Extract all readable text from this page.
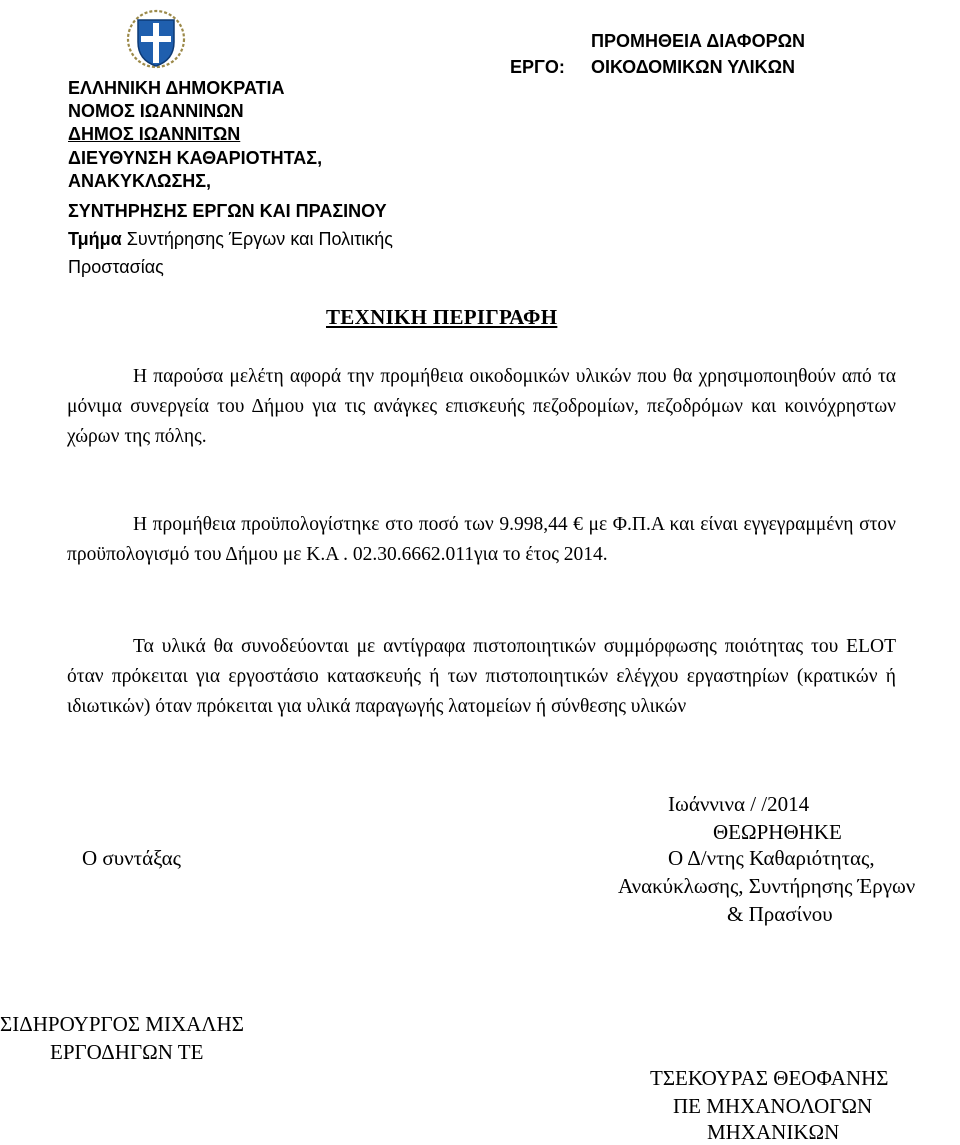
ΕΛΛΗΝΙΚΗ ΔΗΜΟΚΡΑΤΙΑ
ΝΟΜΟΣ ΙΩΑΝΝΙΝΩΝ
ΔΗΜΟΣ ΙΩΑΝΝΙΤΩΝ
ΔΙΕΥΘΥΝΣΗ ΚΑΘΑΡΙΟΤΗΤΑΣ,
ΑΝΑΚΥΚΛΩΣΗΣ,
ΣΥΝΤΗΡΗΣΗΣ ΕΡΓΩΝ ΚΑΙ ΠΡΑΣΙΝΟΥ
Τμήμα Συντήρησης Έργων και Πολιτικής
Προστασίας
ΕΡΓΟ:
ΠΡΟΜΗΘΕΙΑ ΔΙΑΦΟΡΩΝ
ΟΙΚΟΔΟΜΙΚΩΝ ΥΛΙΚΩΝ
ΤΕΧΝΙΚΗ ΠΕΡΙΓΡΑΦΗ
Η παρούσα μελέτη αφορά την προμήθεια οικοδομικών υλικών που θα χρησιμοποιηθούν από τα μόνιμα συνεργεία του Δήμου για τις ανάγκες επισκευής πεζοδρομίων, πεζοδρόμων και κοινόχρηστων χώρων της πόλης.
Η προμήθεια προϋπολογίστηκε στο ποσό των 9.998,44 € με Φ.Π.Α και είναι εγγεγραμμένη στον προϋπολογισμό του Δήμου με Κ.Α . 02.30.6662.011για το έτος 2014.
Τα υλικά θα συνοδεύονται με αντίγραφα πιστοποιητικών συμμόρφωσης ποιότητας του ELOT όταν πρόκειται για εργοστάσιο κατασκευής ή των πιστοποιητικών ελέγχου εργαστηρίων (κρατικών ή ιδιωτικών) όταν πρόκειται για υλικά παραγωγής λατομείων ή σύνθεσης υλικών
Ιωάννινα / /2014
ΘΕΩΡΗΘΗΚΕ
Ο συντάξας	Ο Δ/ντης Καθαριότητας,
Ανακύκλωσης, Συντήρησης Έργων
& Πρασίνου
ΣΙΔΗΡΟΥΡΓΟΣ ΜΙΧΑΛΗΣ
ΕΡΓΟΔΗΓΩΝ ΤΕ
ΤΣΕΚΟΥΡΑΣ ΘΕΟΦΑΝΗΣ
ΠΕ ΜΗΧΑΝΟΛΟΓΩΝ
ΜΗΧΑΝΙΚΩΝ
